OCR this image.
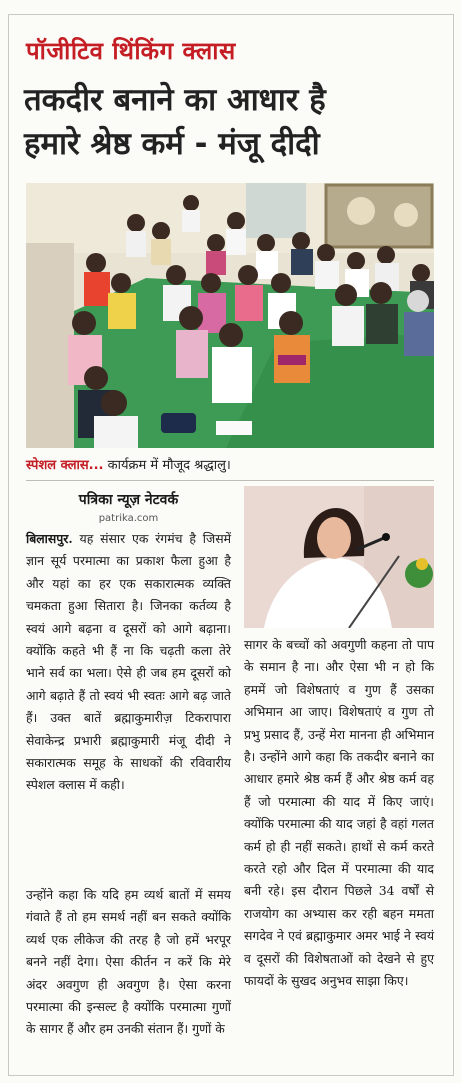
पॉजीटिव थिंकिंग क्लास
तकदीर बनाने का आधार है
हमारे श्रेष्ठ कर्म - मंजू दीदी
स्पेशल क्लास... कार्यक्रम में मौजूद श्रद्धालु।
पत्रिका न्यूज़ नेटवर्क
patrika.com

बिलासपुर. यह संसार एक रंगमंच है जिसमें ज्ञान सूर्य परमात्मा का प्रकाश फैला हुआ है और यहां का हर एक सकारात्मक व्यक्ति चमकता हुआ सितारा है। जिनका कर्तव्य है स्वयं आगे बढ़ना व दूसरों को आगे बढ़ाना। क्योंकि कहते भी हैं ना कि चढ़ती कला तेरे भाने सर्व का भला। ऐसे ही जब हम दूसरों को आगे बढ़ाते हैं तो स्वयं भी स्वतः आगे बढ़ जाते हैं। उक्त बातें ब्रह्माकुमारीज़ टिकरापारा सेवाकेन्द्र प्रभारी ब्रह्माकुमारी मंजू दीदी ने सकारात्मक समूह के साधकों की रविवारीय स्पेशल क्लास में कही।

उन्होंने कहा कि यदि हम व्यर्थ बातों में समय गंवाते हैं तो हम समर्थ नहीं बन सकते क्योंकि व्यर्थ एक लीकेज की तरह है जो हमें भरपूर बनने नहीं देगा। ऐसा कीर्तन न करें कि मेरे अंदर अवगुण ही अवगुण है। ऐसा करना परमात्मा की इन्सल्ट है क्योंकि परमात्मा गुणों के सागर हैं और हम उनकी संतान हैं। गुणों के

सागर के बच्चों को अवगुणी कहना तो पाप के समान है ना। और ऐसा भी न हो कि हममें जो विशेषताएं व गुण हैं उसका अभिमान आ जाए। विशेषताएं व गुण तो प्रभु प्रसाद हैं, उन्हें मेरा मानना ही अभिमान है। उन्होंने आगे कहा कि तकदीर बनाने का आधार हमारे श्रेष्ठ कर्म हैं और श्रेष्ठ कर्म वह हैं जो परमात्मा की याद में किए जाएं। क्योंकि परमात्मा की याद जहां है वहां गलत कर्म हो ही नहीं सकते। हाथों से कर्म करते करते रहो और दिल में परमात्मा की याद बनी रहे। इस दौरान पिछले 34 वर्षों से राजयोग का अभ्यास कर रही बहन ममता सगदेव ने एवं ब्रह्माकुमार अमर भाई ने स्वयं व दूसरों की विशेषताओं को देखने से हुए फायदों के सुखद अनुभव साझा किए।
